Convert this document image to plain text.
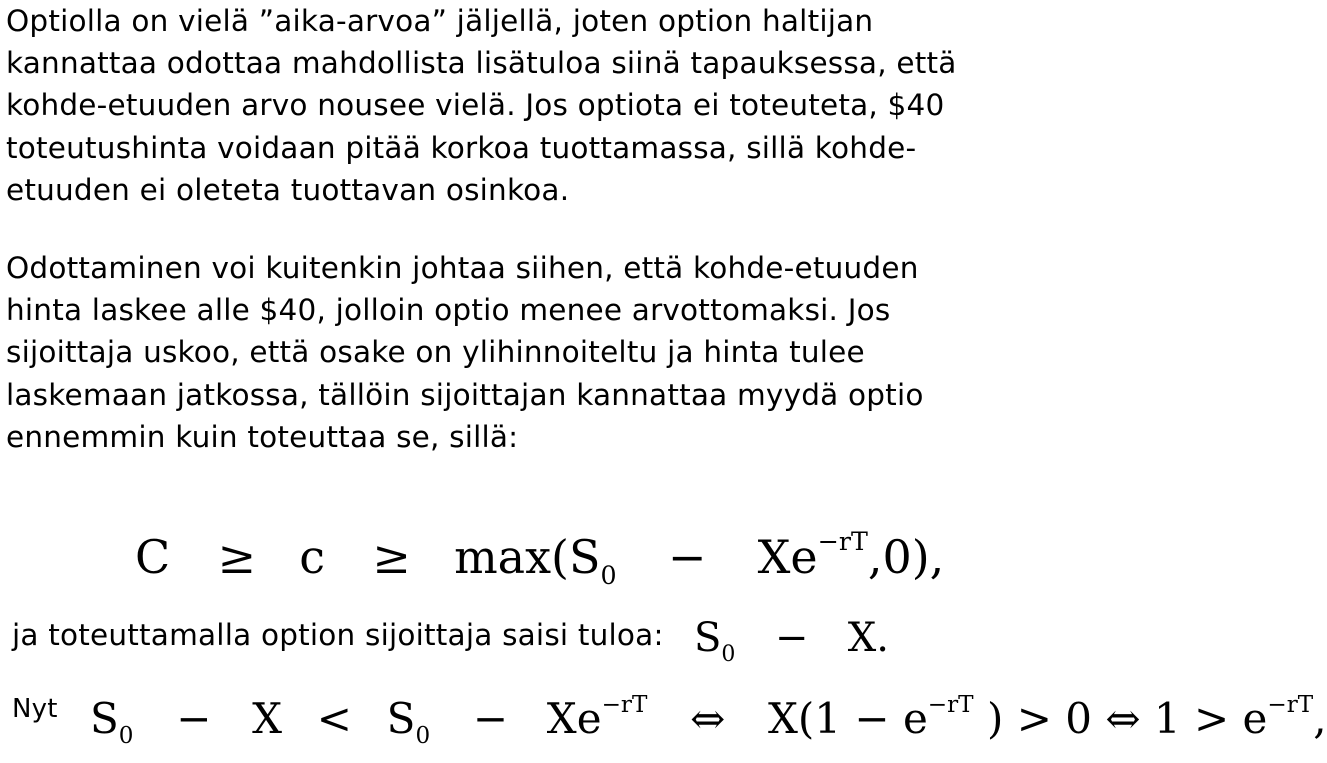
Optiolla on vielä ”aika-arvoa” jäljellä, joten option haltijan
kannattaa odottaa mahdollista lisätuloa siinä tapauksessa, että
kohde-etuuden arvo nousee vielä. Jos optiota ei toteuteta, $40
toteutushinta voidaan pitää korkoa tuottamassa, sillä kohde-
etuuden ei oleteta tuottavan osinkoa.
Odottaminen voi kuitenkin johtaa siihen, että kohde-etuuden
hinta laskee alle $40, jolloin optio menee arvottomaksi. Jos
sijoittaja uskoo, että osake on ylihinnoiteltu ja hinta tulee
laskemaan jatkossa, tällöin sijoittajan kannattaa myydä optio
ennemmin kuin toteuttaa se, sillä:
$C \ge c \ge \max(S_0 - Xe^{-rT},0)$,
ja toteuttamalla option sijoittaja saisi tuloa: $S_0 - X$.
Nyt $S_0 - X < S_0 - Xe^{-rT}$ ⇔ $X(1 - e^{-rT}$ ) > 0 ⇔ $1 > e^{-rT}$,
